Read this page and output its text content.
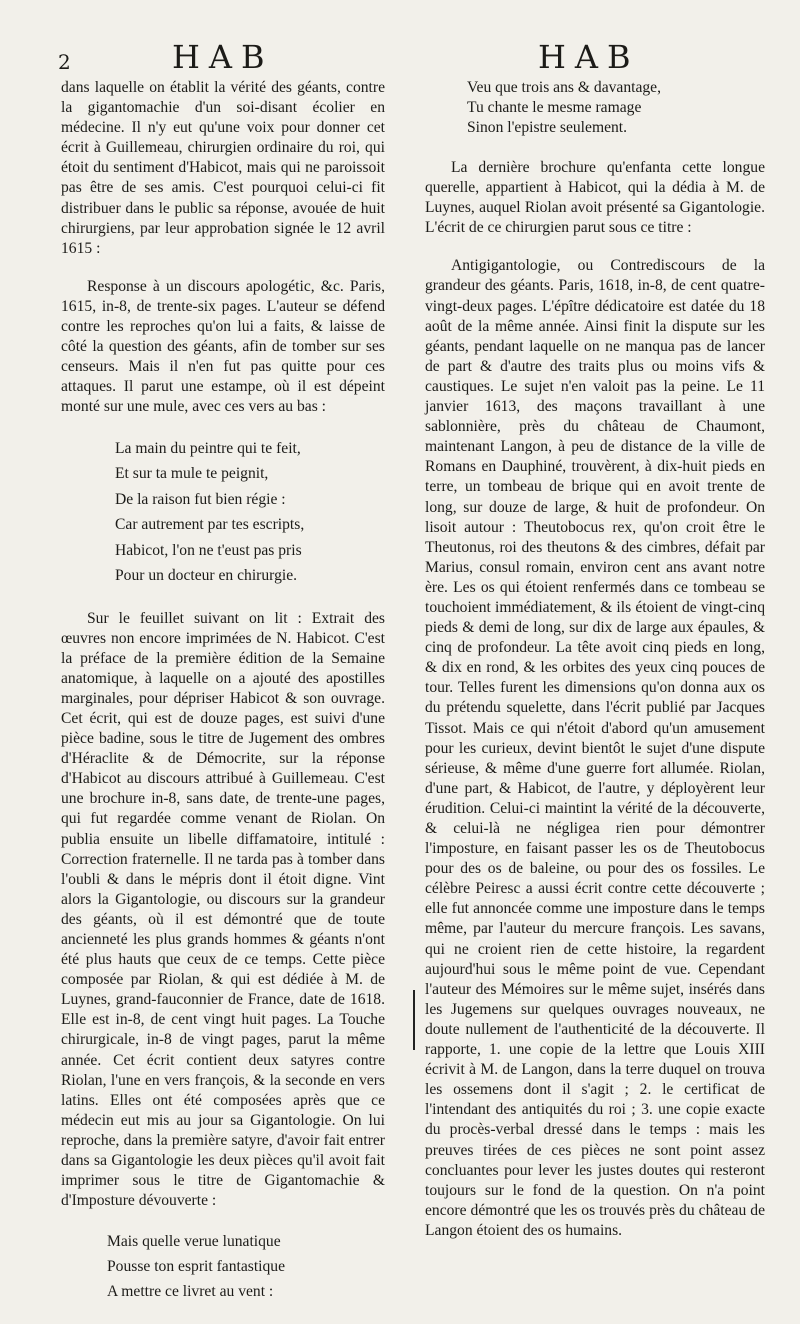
2	HAB	HAB

dans laquelle on établit la vérité des géants, contre la gigantomachie d'un soi-disant écolier en médecine. Il n'y eut qu'une voix pour donner cet écrit à Guillemeau, chirurgien ordinaire du roi, qui étoit du sentiment d'Habicot, mais qui ne paroissoit pas être de ses amis. C'est pourquoi celui-ci fit distribuer dans le public sa réponse, avouée de huit chirurgiens, par leur approbation signée le 12 avril 1615 :

Response à un discours apologétic, &c. Paris, 1615, in-8, de trente-six pages. L'auteur se défend contre les reproches qu'on lui a faits, & laisse de côté la question des géants, afin de tomber sur ses censeurs. Mais il n'en fut pas quitte pour ces attaques. Il parut une estampe, où il est dépeint monté sur une mule, avec ces vers au bas :

La main du peintre qui te feit,
Et sur ta mule te peignit,
De la raison fut bien régie :
Car autrement par tes escripts,
Habicot, l'on ne t'eust pas pris
Pour un docteur en chirurgie.

Sur le feuillet suivant on lit : Extrait des œuvres non encore imprimées de N. Habicot. C'est la préface de la première édition de la Semaine anatomique, à laquelle on a ajouté des apostilles marginales, pour dépriser Habicot & son ouvrage. Cet écrit, qui est de douze pages, est suivi d'une pièce badine, sous le titre de Jugement des ombres d'Héraclite & de Démocrite, sur la réponse d'Habicot au discours attribué à Guillemeau. C'est une brochure in-8, sans date, de trente-une pages, qui fut regardée comme venant de Riolan. On publia ensuite un libelle diffamatoire, intitulé : Correction fraternelle. Il ne tarda pas à tomber dans l'oubli & dans le mépris dont il étoit digne. Vint alors la Gigantologie, ou discours sur la grandeur des géants, où il est démontré que de toute ancienneté les plus grands hommes & géants n'ont été plus hauts que ceux de ce temps. Cette pièce composée par Riolan, & qui est dédiée à M. de Luynes, grand-fauconnier de France, date de 1618. Elle est in-8, de cent vingt huit pages. La Touche chirurgicale, in-8 de vingt pages, parut la même année. Cet écrit contient deux satyres contre Riolan, l'une en vers françois, & la seconde en vers latins. Elles ont été composées après que ce médecin eut mis au jour sa Gigantologie. On lui reproche, dans la première satyre, d'avoir fait entrer dans sa Gigantologie les deux pièces qu'il avoit fait imprimer sous le titre de Gigantomachie & d'Imposture dévouverte :

Mais quelle verue lunatique
Pousse ton esprit fantastique
A mettre ce livret au vent :
Veu que trois ans & davantage,
Tu chante le mesme ramage
Sinon l'epistre seulement.

La dernière brochure qu'enfanta cette longue querelle, appartient à Habicot, qui la dédia à M. de Luynes, auquel Riolan avoit présenté sa Gigantologie. L'écrit de ce chirurgien parut sous ce titre :

Antigigantologie, ou Contrediscours de la grandeur des géants. Paris, 1618, in-8, de cent quatre-vingt-deux pages. L'épître dédicatoire est datée du 18 août de la même année. Ainsi finit la dispute sur les géants, pendant laquelle on ne manqua pas de lancer de part & d'autre des traits plus ou moins vifs & caustiques. Le sujet n'en valoit pas la peine. Le 11 janvier 1613, des maçons travaillant à une sablonnière, près du château de Chaumont, maintenant Langon, à peu de distance de la ville de Romans en Dauphiné, trouvèrent, à dix-huit pieds en terre, un tombeau de brique qui en avoit trente de long, sur douze de large, & huit de profondeur. On lisoit autour : Theutobocus rex, qu'on croit être le Theutonus, roi des theutons & des cimbres, défait par Marius, consul romain, environ cent ans avant notre ère. Les os qui étoient renfermés dans ce tombeau se touchoient immédiatement, & ils étoient de vingt-cinq pieds & demi de long, sur dix de large aux épaules, & cinq de profondeur. La tête avoit cinq pieds en long, & dix en rond, & les orbites des yeux cinq pouces de tour. Telles furent les dimensions qu'on donna aux os du prétendu squelette, dans l'écrit publié par Jacques Tissot. Mais ce qui n'étoit d'abord qu'un amusement pour les curieux, devint bientôt le sujet d'une dispute sérieuse, & même d'une guerre fort allumée. Riolan, d'une part, & Habicot, de l'autre, y déployèrent leur érudition. Celui-ci maintint la vérité de la découverte, & celui-là ne négligea rien pour démontrer l'imposture, en faisant passer les os de Theutobocus pour des os de baleine, ou pour des os fossiles. Le célèbre Peiresc a aussi écrit contre cette découverte ; elle fut annoncée comme une imposture dans le temps même, par l'auteur du mercure françois. Les savans, qui ne croient rien de cette histoire, la regardent aujourd'hui sous le même point de vue. Cependant l'auteur des Mémoires sur le même sujet, insérés dans les Jugemens sur quelques ouvrages nouveaux, ne doute nullement de l'authenticité de la découverte. Il rapporte, 1. une copie de la lettre que Louis XIII écrivit à M. de Langon, dans la terre duquel on trouva les ossemens dont il s'agit ; 2. le certificat de l'intendant des antiquités du roi ; 3. une copie exacte du procès-verbal dressé dans le temps : mais les preuves tirées de ces pièces ne sont point assez concluantes pour lever les justes doutes qui resteront toujours sur le fond de la question. On n'a point encore démontré que les os trouvés près du château de Langon étoient des os humains.
